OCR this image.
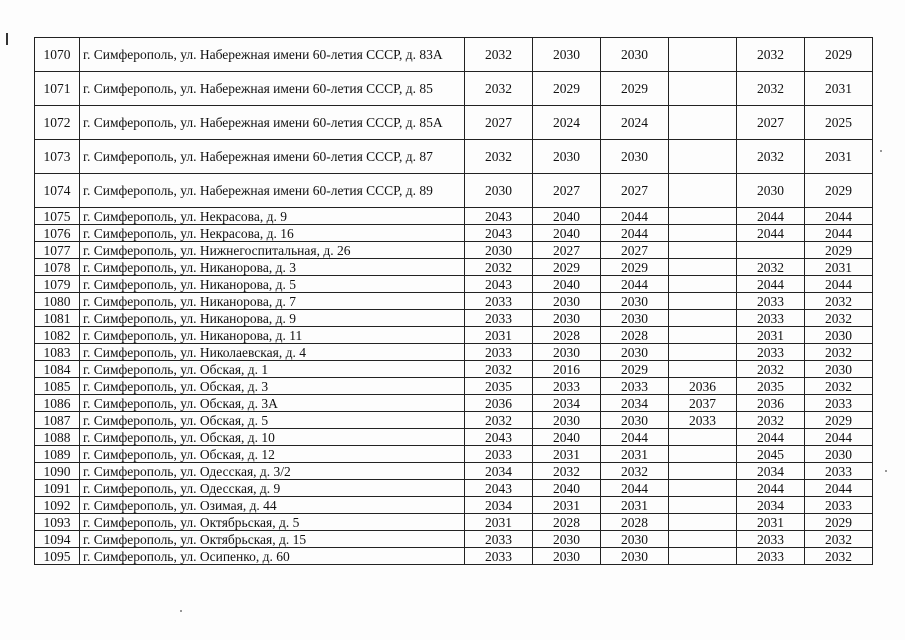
1070	г. Симферополь, ул. Набережная имени 60-летия СССР, д. 83А	2032	2030	2030		2032	2029
1071	г. Симферополь, ул. Набережная имени 60-летия СССР, д. 85	2032	2029	2029		2032	2031
1072	г. Симферополь, ул. Набережная имени 60-летия СССР, д. 85А	2027	2024	2024		2027	2025
1073	г. Симферополь, ул. Набережная имени 60-летия СССР, д. 87	2032	2030	2030		2032	2031
1074	г. Симферополь, ул. Набережная имени 60-летия СССР, д. 89	2030	2027	2027		2030	2029
1075	г. Симферополь, ул. Некрасова, д. 9	2043	2040	2044		2044	2044
1076	г. Симферополь, ул. Некрасова, д. 16	2043	2040	2044		2044	2044
1077	г. Симферополь, ул. Нижнегоспитальная, д. 26	2030	2027	2027			2029
1078	г. Симферополь, ул. Никанорова, д. 3	2032	2029	2029		2032	2031
1079	г. Симферополь, ул. Никанорова, д. 5	2043	2040	2044		2044	2044
1080	г. Симферополь, ул. Никанорова, д. 7	2033	2030	2030		2033	2032
1081	г. Симферополь, ул. Никанорова, д. 9	2033	2030	2030		2033	2032
1082	г. Симферополь, ул. Никанорова, д. 11	2031	2028	2028		2031	2030
1083	г. Симферополь, ул. Николаевская, д. 4	2033	2030	2030		2033	2032
1084	г. Симферополь, ул. Обская, д. 1	2032	2016	2029		2032	2030
1085	г. Симферополь, ул. Обская, д. 3	2035	2033	2033	2036	2035	2032
1086	г. Симферополь, ул. Обская, д. 3А	2036	2034	2034	2037	2036	2033
1087	г. Симферополь, ул. Обская, д. 5	2032	2030	2030	2033	2032	2029
1088	г. Симферополь, ул. Обская, д. 10	2043	2040	2044		2044	2044
1089	г. Симферополь, ул. Обская, д. 12	2033	2031	2031		2045	2030
1090	г. Симферополь, ул. Одесская, д. 3/2	2034	2032	2032		2034	2033
1091	г. Симферополь, ул. Одесская, д. 9	2043	2040	2044		2044	2044
1092	г. Симферополь, ул. Озимая, д. 44	2034	2031	2031		2034	2033
1093	г. Симферополь, ул. Октябрьская, д. 5	2031	2028	2028		2031	2029
1094	г. Симферополь, ул. Октябрьская, д. 15	2033	2030	2030		2033	2032
1095	г. Симферополь, ул. Осипенко, д. 60	2033	2030	2030		2033	2032
